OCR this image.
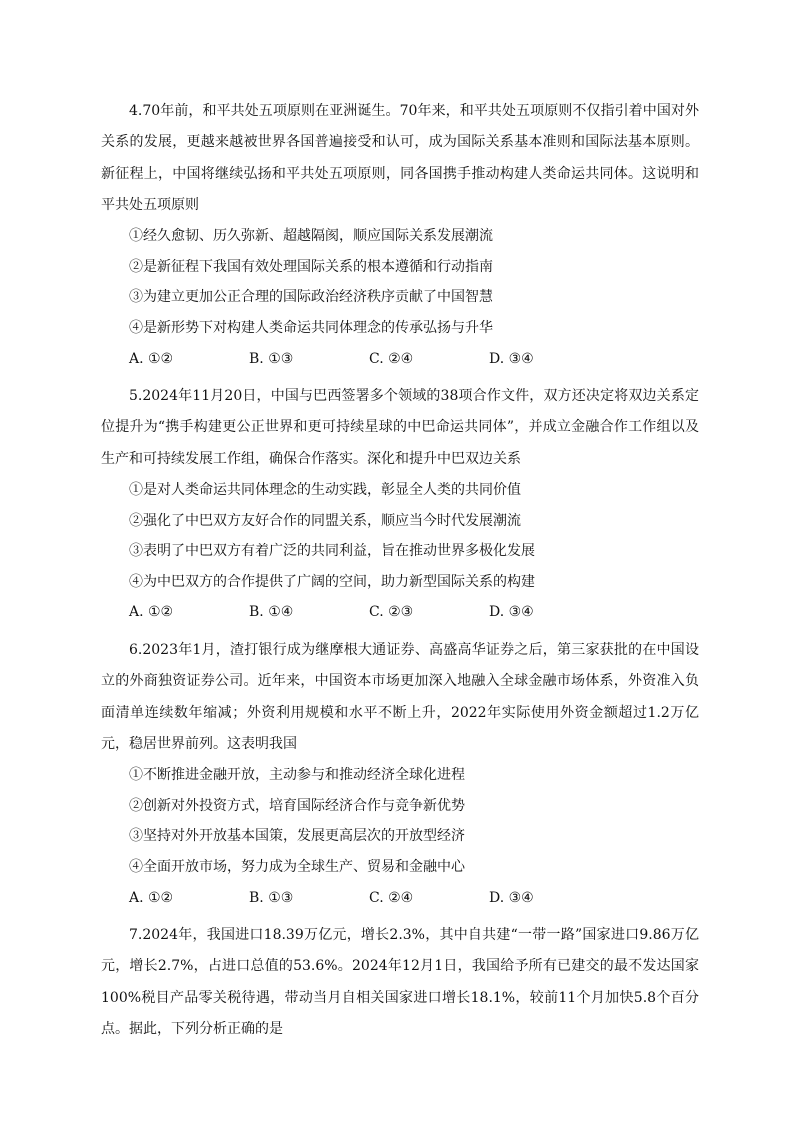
4.70年前，和平共处五项原则在亚洲诞生。70年来，和平共处五项原则不仅指引着中国对外关系的发展，更越来越被世界各国普遍接受和认可，成为国际关系基本准则和国际法基本原则。新征程上，中国将继续弘扬和平共处五项原则，同各国携手推动构建人类命运共同体。这说明和平共处五项原则

①经久愈韧、历久弥新、超越隔阂，顺应国际关系发展潮流

②是新征程下我国有效处理国际关系的根本遵循和行动指南

③为建立更加公正合理的国际政治经济秩序贡献了中国智慧

④是新形势下对构建人类命运共同体理念的传承弘扬与升华

A. ①②	B. ①③	C. ②④	D. ③④

5.2024年11月20日，中国与巴西签署多个领域的38项合作文件，双方还决定将双边关系定位提升为“携手构建更公正世界和更可持续星球的中巴命运共同体”，并成立金融合作工作组以及生产和可持续发展工作组，确保合作落实。深化和提升中巴双边关系

①是对人类命运共同体理念的生动实践，彰显全人类的共同价值

②强化了中巴双方友好合作的同盟关系，顺应当今时代发展潮流

③表明了中巴双方有着广泛的共同利益，旨在推动世界多极化发展

④为中巴双方的合作提供了广阔的空间，助力新型国际关系的构建

A. ①②	B. ①④	C. ②③	D. ③④

6.2023年1月，渣打银行成为继摩根大通证券、高盛高华证券之后，第三家获批的在中国设立的外商独资证券公司。近年来，中国资本市场更加深入地融入全球金融市场体系，外资准入负面清单连续数年缩减；外资利用规模和水平不断上升，2022年实际使用外资金额超过1.2万亿元，稳居世界前列。这表明我国

①不断推进金融开放，主动参与和推动经济全球化进程

②创新对外投资方式，培育国际经济合作与竞争新优势

③坚持对外开放基本国策，发展更高层次的开放型经济

④全面开放市场，努力成为全球生产、贸易和金融中心

A. ①②	B. ①③	C. ②④	D. ③④

7.2024年，我国进口18.39万亿元，增长2.3%，其中自共建“一带一路”国家进口9.86万亿元，增长2.7%，占进口总值的53.6%。2024年12月1日，我国给予所有已建交的最不发达国家100%税目产品零关税待遇，带动当月自相关国家进口增长18.1%，较前11个月加快5.8个百分点。据此，下列分析正确的是
